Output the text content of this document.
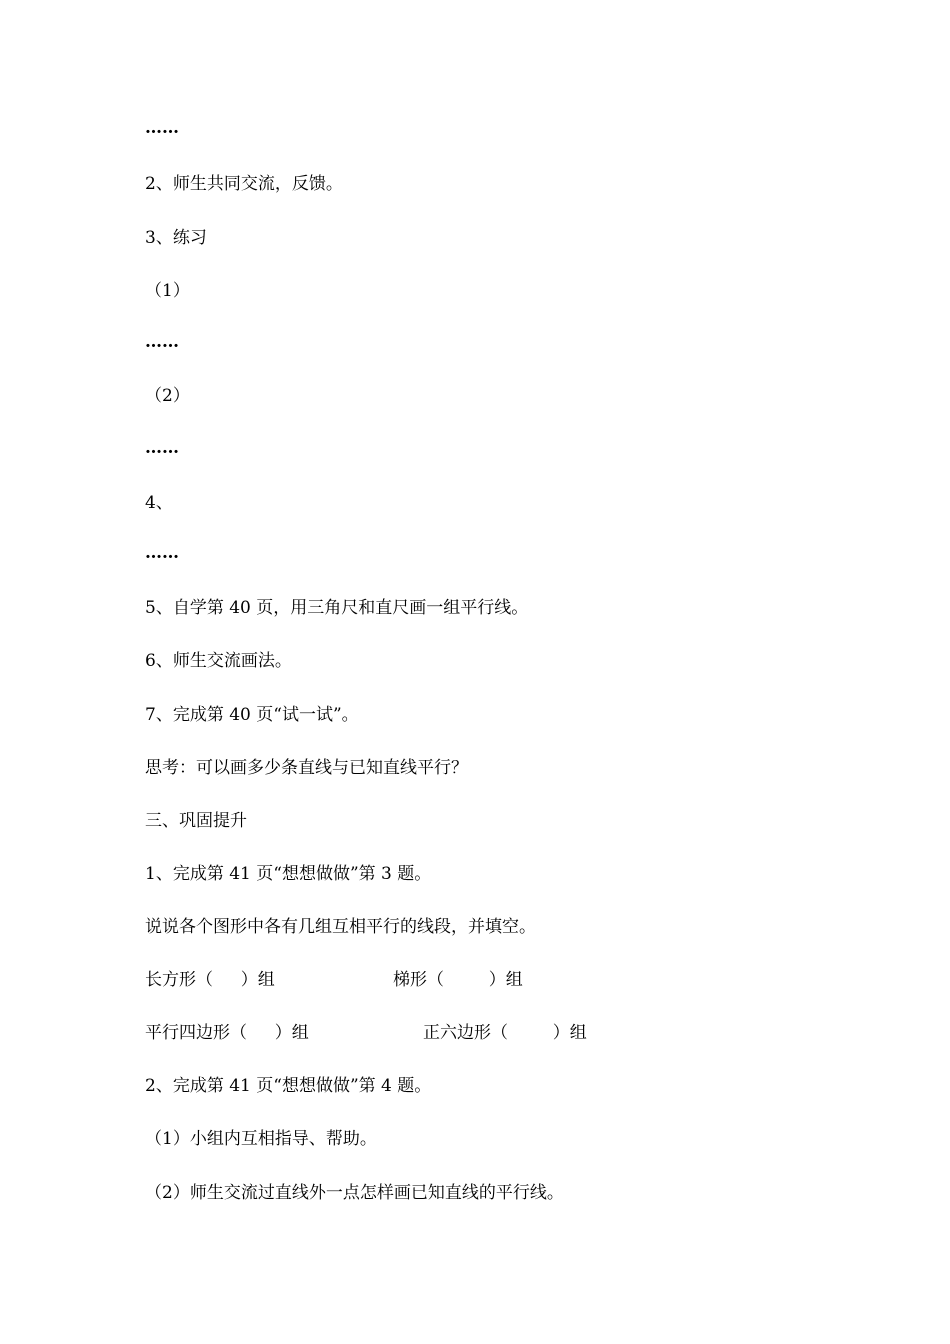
……
2、师生共同交流，反馈。
3、练习
（1）
……
（2）
……
4、
……
5、自学第 40 页，用三角尺和直尺画一组平行线。
6、师生交流画法。
7、完成第 40 页“试一试”。
思考：可以画多少条直线与已知直线平行？
三、巩固提升
1、完成第 41 页“想想做做”第 3 题。
说说各个图形中各有几组互相平行的线段，并填空。
长方形（　  ）组	梯形（　　  ）组
平行四边形（　  ）组	正六边形（　　  ）组
2、完成第 41 页“想想做做”第 4 题。
（1）小组内互相指导、帮助。
（2）师生交流过直线外一点怎样画已知直线的平行线。
